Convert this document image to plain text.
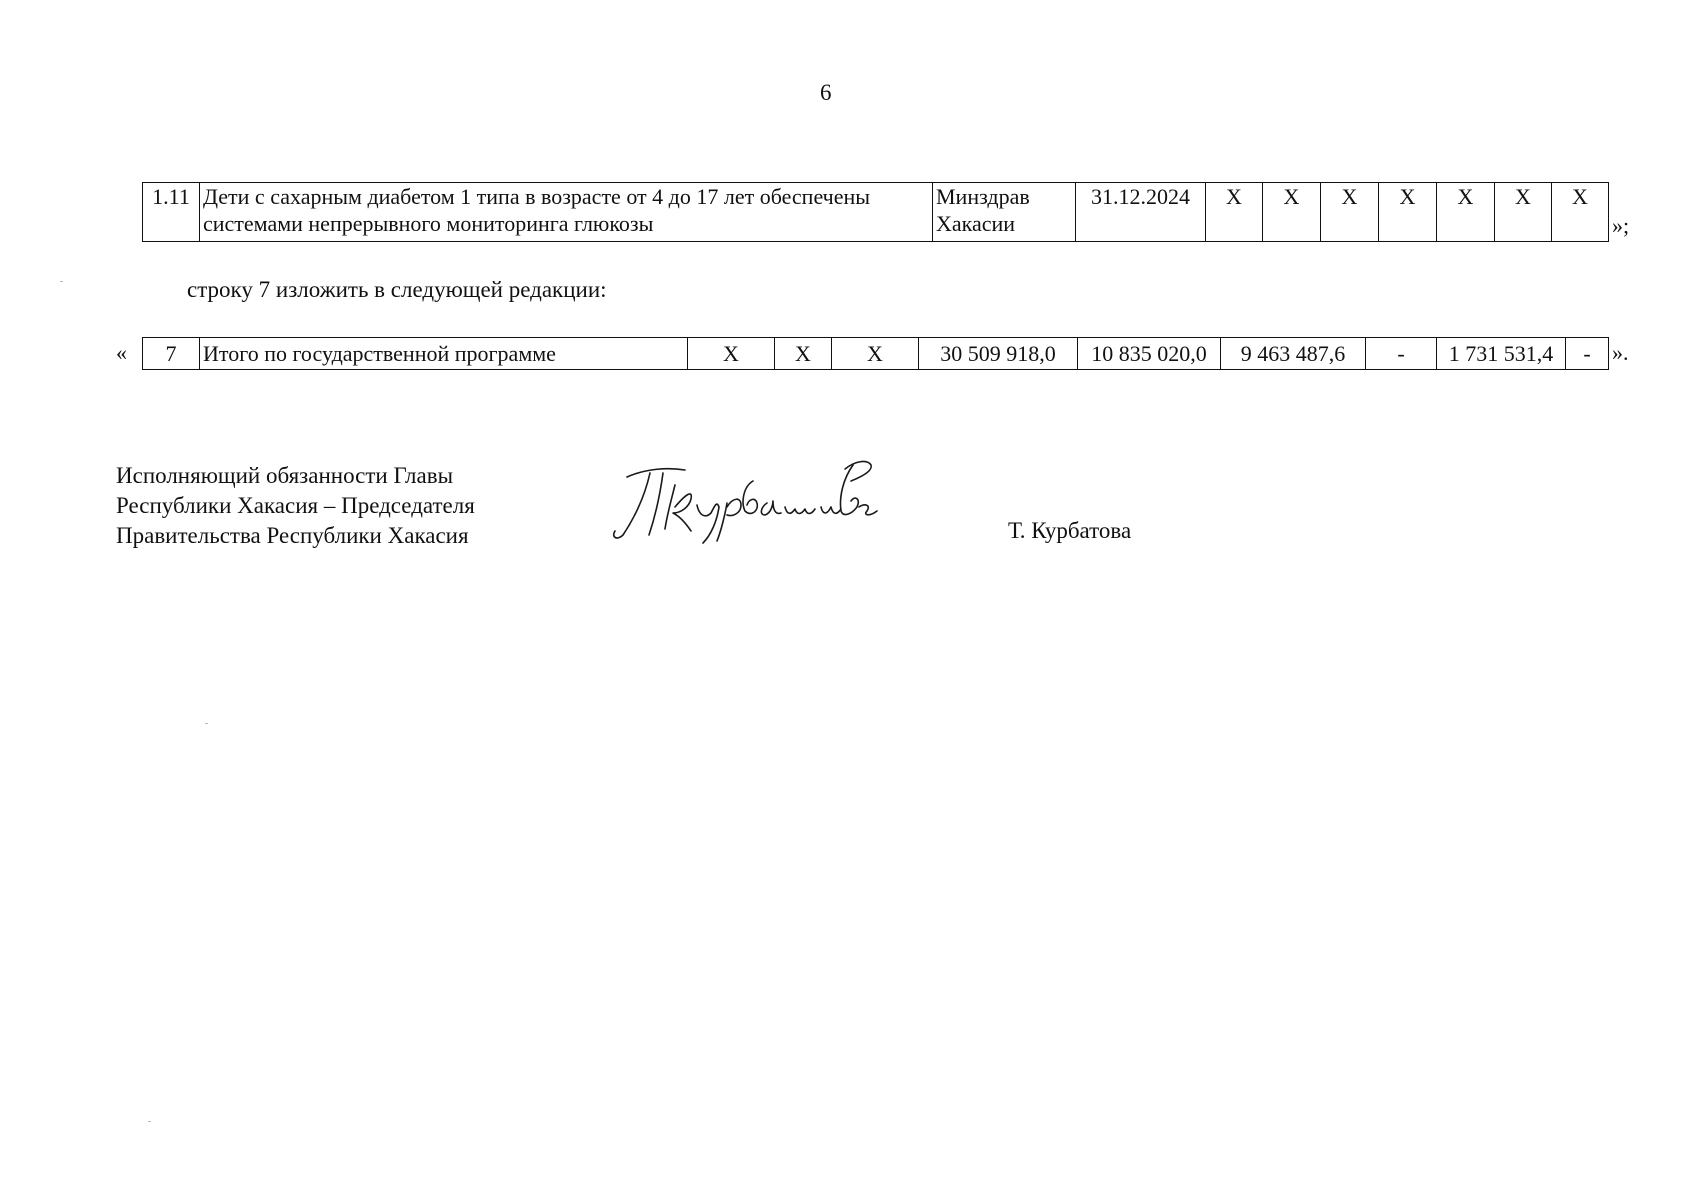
6
1.11	Дети с сахарным диабетом 1 типа в возрасте от 4 до 17 лет обеспечены системами непрерывного мониторинга глюкозы	Минздрав Хакасии	31.12.2024	X	X	X	X	X	X	X
»;
строку 7 изложить в следующей редакции:
« 7	Итого по государственной программе	X	X	X	30 509 918,0	10 835 020,0	9 463 487,6	-	1 731 531,4	- ».
Исполняющий обязанности Главы
Республики Хакасия – Председателя
Правительства Республики Хакасия	Т. Курбатова
